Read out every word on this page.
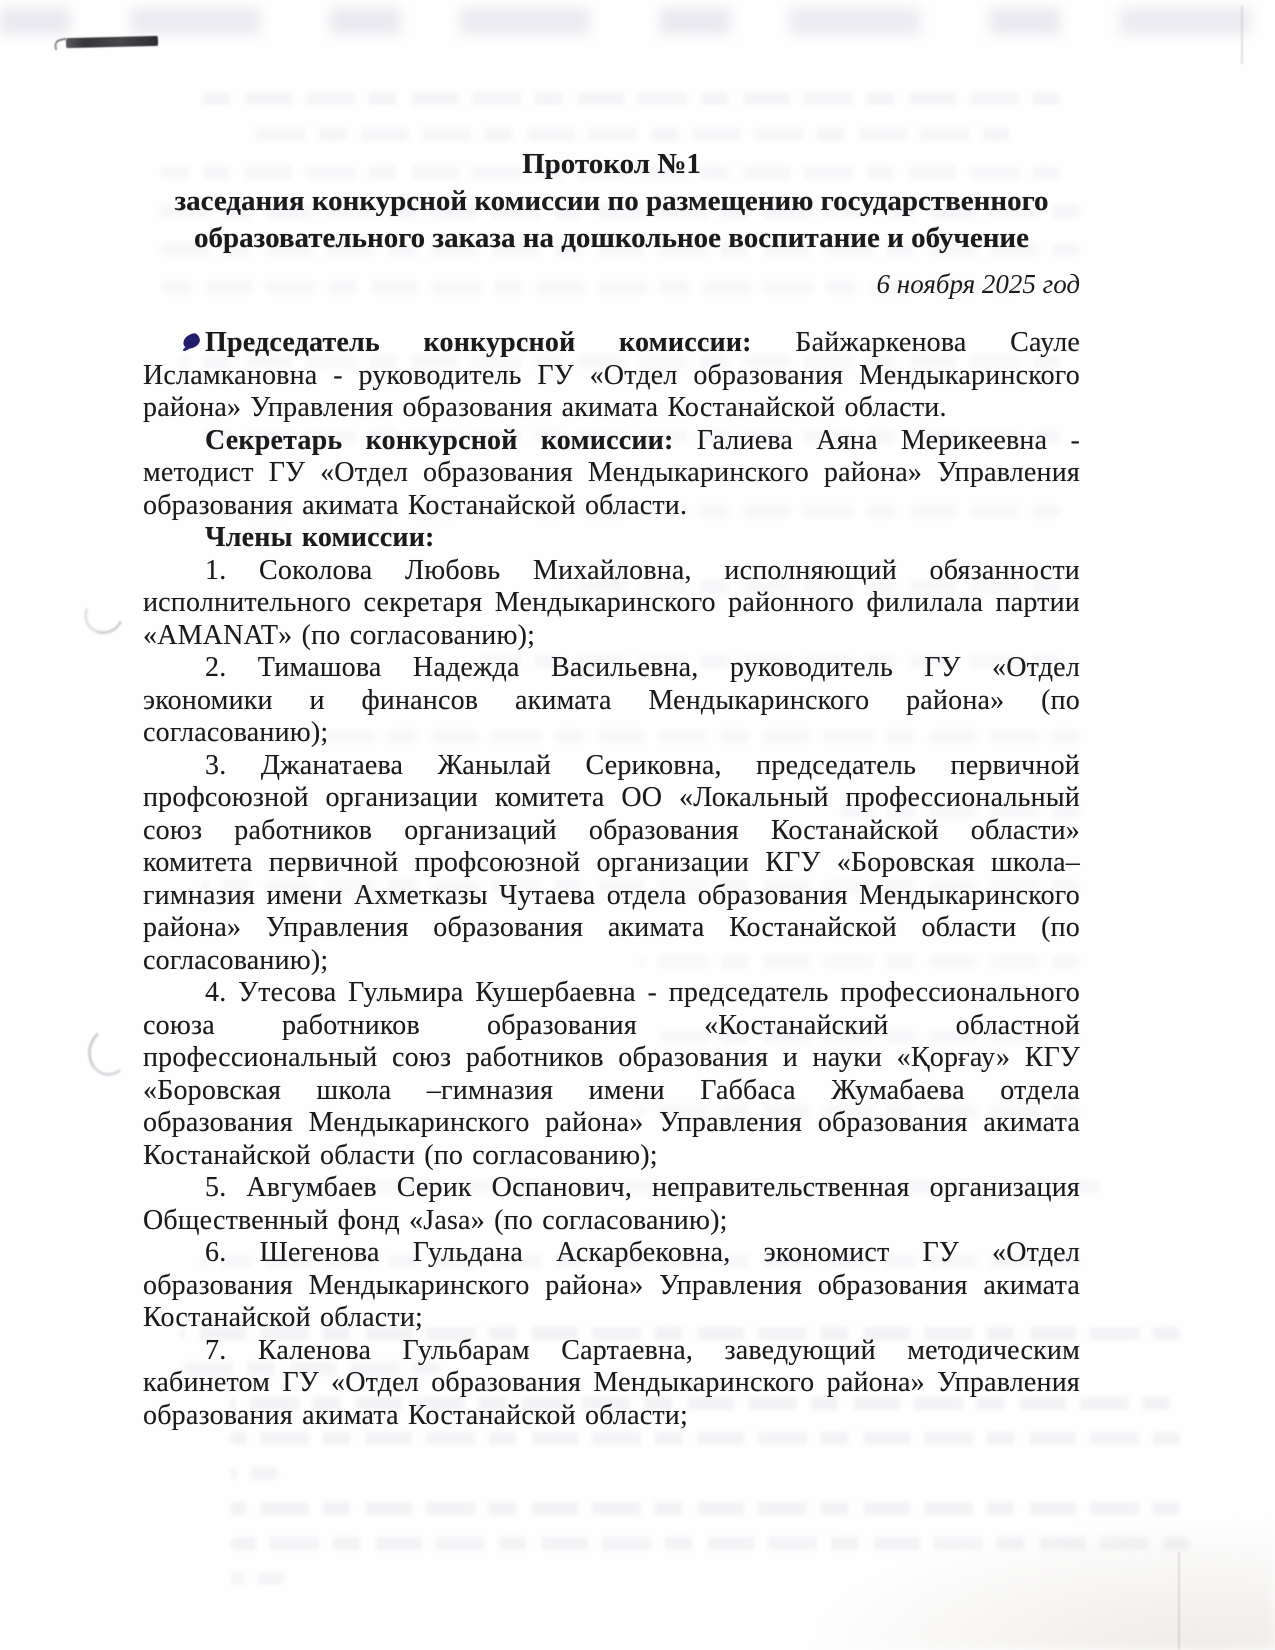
Протокол №1
заседания конкурсной комиссии по размещению государственного образовательного заказа на дошкольное воспитание и обучение
6 ноября 2025 год

Председатель конкурсной комиссии: Байжаркенова Сауле Исламкановна - руководитель ГУ «Отдел образования Мендыкаринского района» Управления образования акимата Костанайской области.

Секретарь конкурсной комиссии: Галиева Аяна Мерикеевна - методист ГУ «Отдел образования Мендыкаринского района» Управления образования акимата Костанайской области.

Члены комиссии:

1. Соколова Любовь Михайловна, исполняющий обязанности исполнительного секретаря Мендыкаринского районного филилала партии «AMANAT» (по согласованию);

2. Тимашова Надежда Васильевна, руководитель ГУ «Отдел экономики и финансов акимата Мендыкаринского района» (по согласованию);

3. Джанатаева Жанылай Сериковна, председатель первичной профсоюзной организации комитета ОО «Локальный профессиональный союз работников организаций образования Костанайской области» комитета первичной профсоюзной организации КГУ «Боровская школа–гимназия имени Ахметказы Чутаева отдела образования Мендыкаринского района» Управления образования акимата Костанайской области (по согласованию);

4. Утесова Гульмира Кушербаевна - председатель профессионального союза работников образования «Костанайский областной профессиональный союз работников образования и науки «Қорғау» КГУ «Боровская школа –гимназия имени Габбаса Жумабаева отдела образования Мендыкаринского района» Управления образования акимата Костанайской области (по согласованию);

5. Авгумбаев Серик Оспанович, неправительственная организация Общественный фонд «Jasa» (по согласованию);

6. Шегенова Гульдана Аскарбековна, экономист ГУ «Отдел образования Мендыкаринского района» Управления образования акимата Костанайской области;

7. Каленова Гульбарам Сартаевна, заведующий методическим кабинетом ГУ «Отдел образования Мендыкаринского района» Управления образования акимата Костанайской области;
